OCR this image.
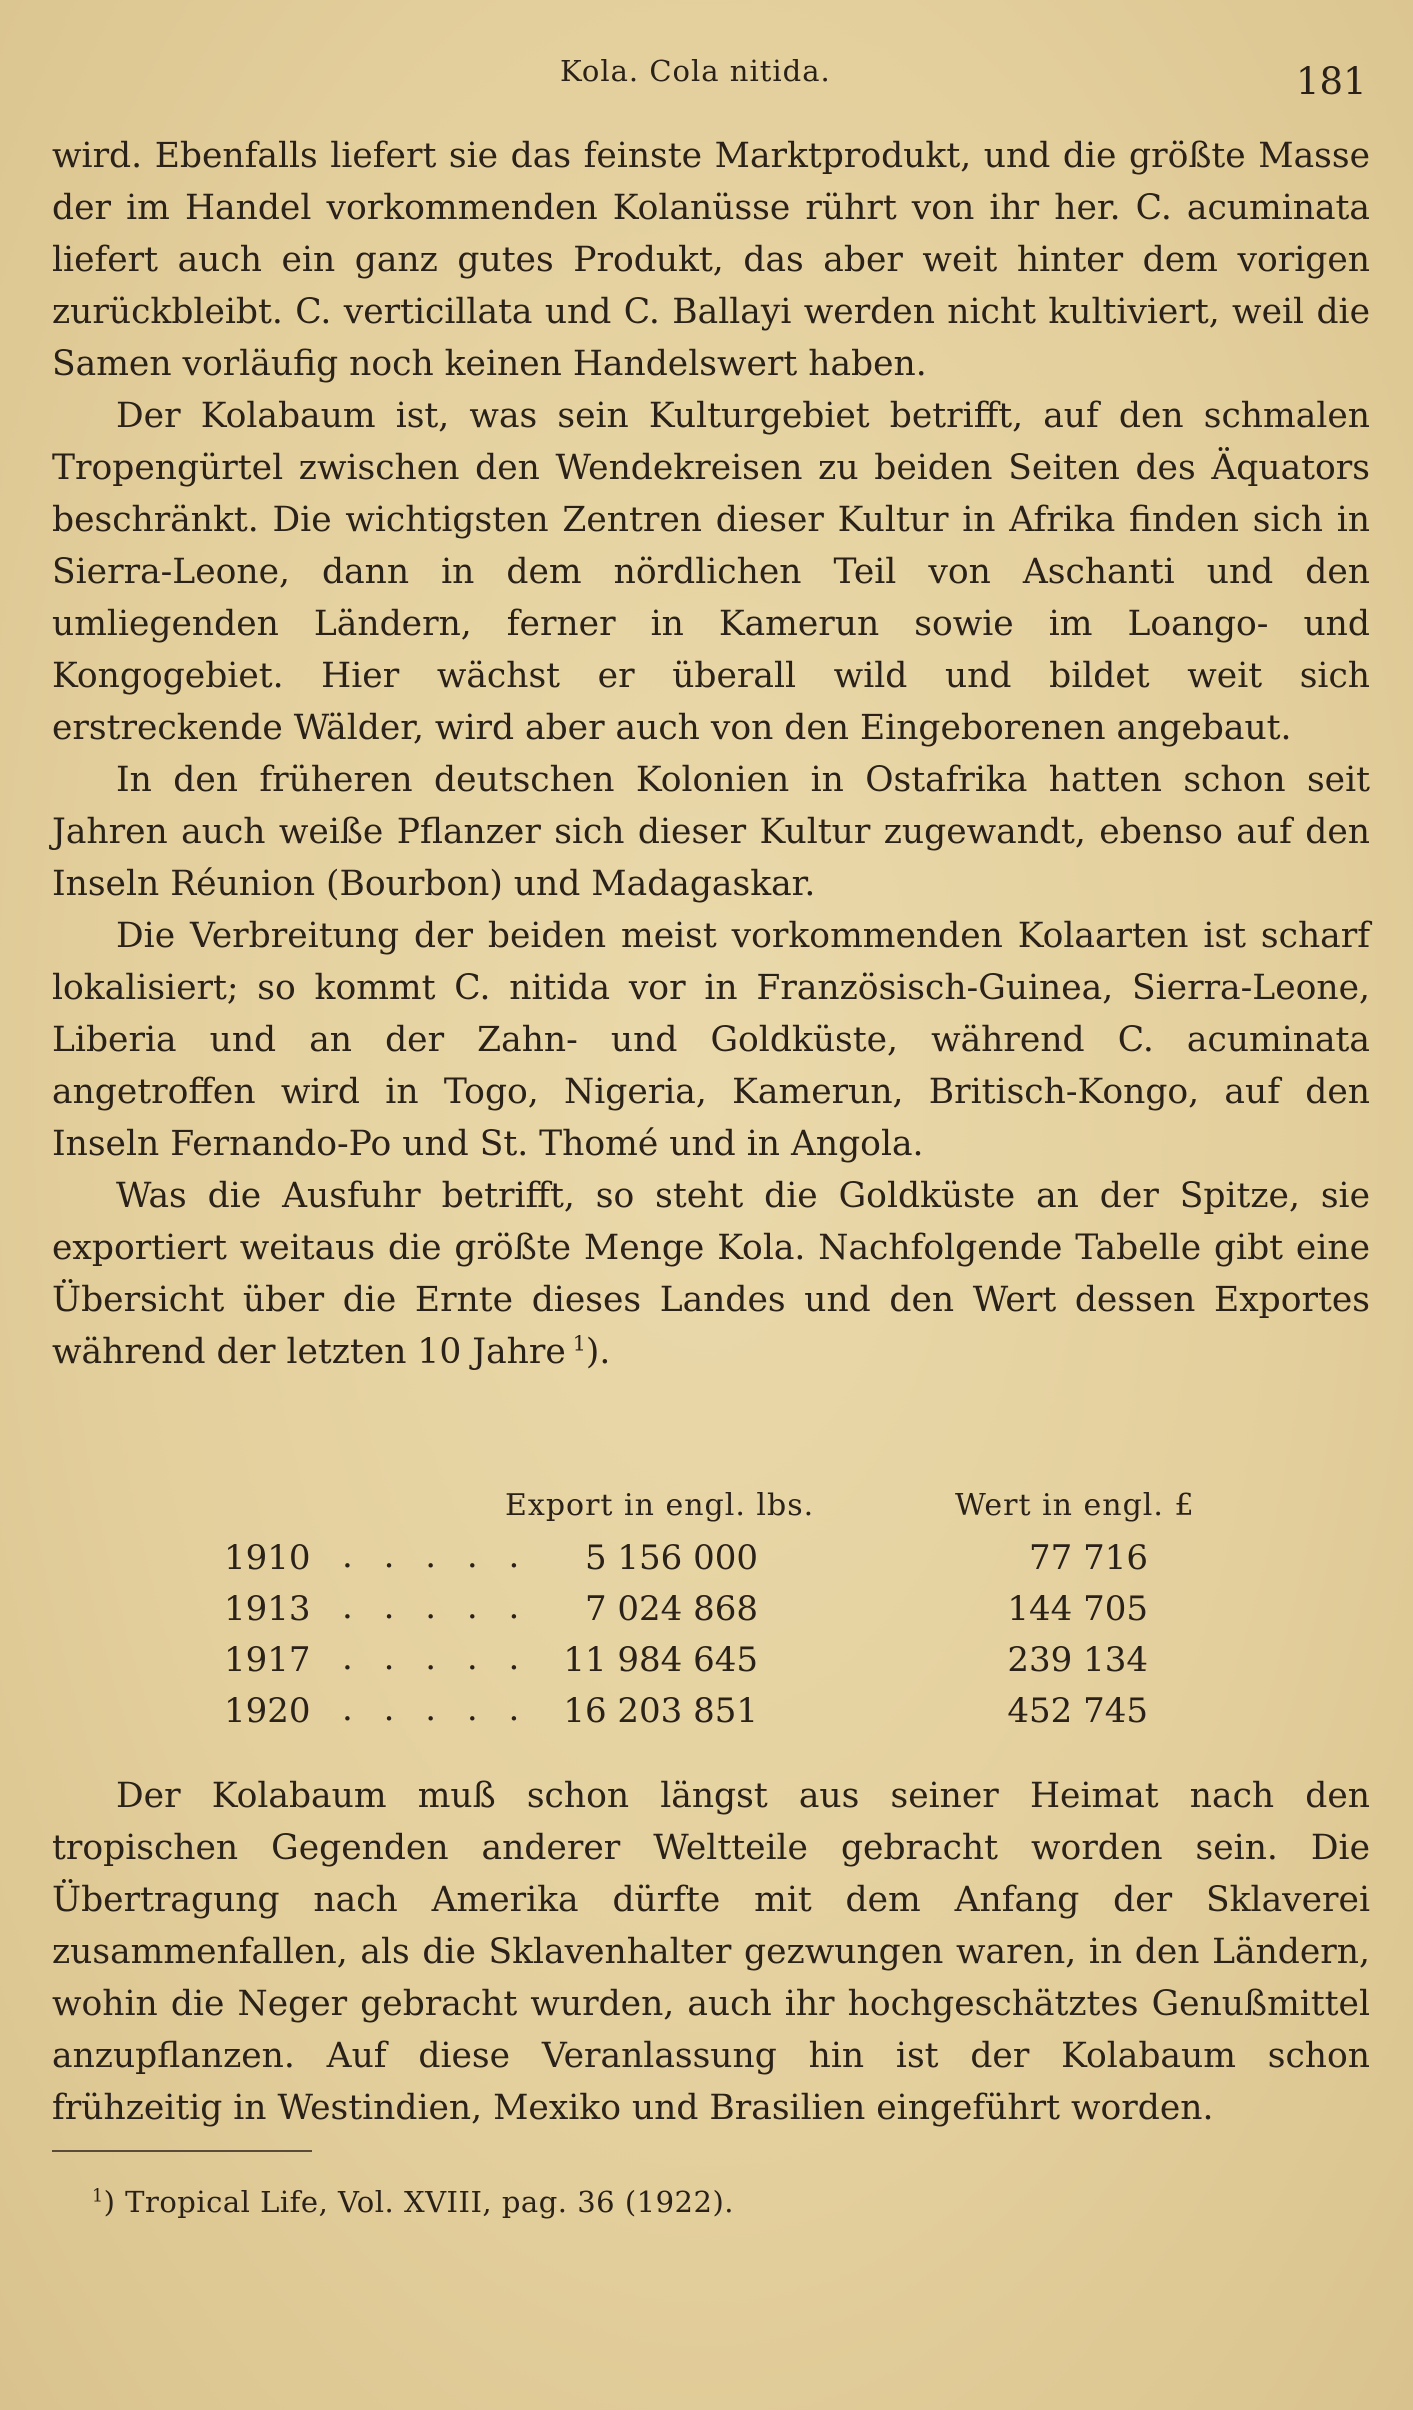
Kola. Cola nitida.	181

wird. Ebenfalls liefert sie das feinste Marktprodukt, und die größte Masse der im Handel vorkommenden Kolanüsse rührt von ihr her. C. acuminata liefert auch ein ganz gutes Produkt, das aber weit hinter dem vorigen zurückbleibt. C. verticillata und C. Ballayi werden nicht kultiviert, weil die Samen vorläufig noch keinen Handelswert haben.

Der Kolabaum ist, was sein Kulturgebiet betrifft, auf den schmalen Tropengürtel zwischen den Wendekreisen zu beiden Seiten des Äquators beschränkt. Die wichtigsten Zentren dieser Kultur in Afrika finden sich in Sierra-Leone, dann in dem nördlichen Teil von Aschanti und den umliegenden Ländern, ferner in Kamerun sowie im Loango- und Kongogebiet. Hier wächst er überall wild und bildet weit sich erstreckende Wälder, wird aber auch von den Eingeborenen angebaut.

In den früheren deutschen Kolonien in Ostafrika hatten schon seit Jahren auch weiße Pflanzer sich dieser Kultur zugewandt, ebenso auf den Inseln Réunion (Bourbon) und Madagaskar.

Die Verbreitung der beiden meist vorkommenden Kolaarten ist scharf lokalisiert; so kommt C. nitida vor in Französisch-Guinea, Sierra-Leone, Liberia und an der Zahn- und Goldküste, während C. acuminata angetroffen wird in Togo, Nigeria, Kamerun, Britisch-Kongo, auf den Inseln Fernando-Po und St. Thomé und in Angola.

Was die Ausfuhr betrifft, so steht die Goldküste an der Spitze, sie exportiert weitaus die größte Menge Kola. Nachfolgende Tabelle gibt eine Übersicht über die Ernte dieses Landes und den Wert dessen Exportes während der letzten 10 Jahre  $^1$).

Export in engl. lbs.	Wert in engl. £
1910 . . . . . 5 156 000	77 716
1913 . . . . . 7 024 868	144 705
1917 . . . . . 11 984 645	239 134
1920 . . . . . 16 203 851	452 745

Der Kolabaum muß schon längst aus seiner Heimat nach den tropischen Gegenden anderer Weltteile gebracht worden sein. Die Übertragung nach Amerika dürfte mit dem Anfang der Sklaverei zusammenfallen, als die Sklavenhalter gezwungen waren, in den Ländern, wohin die Neger gebracht wurden, auch ihr hochgeschätztes Genußmittel anzupflanzen. Auf diese Veranlassung hin ist der Kolabaum schon frühzeitig in Westindien, Mexiko und Brasilien eingeführt worden.

$^1$) Tropical Life, Vol. XVIII, pag. 36 (1922).
